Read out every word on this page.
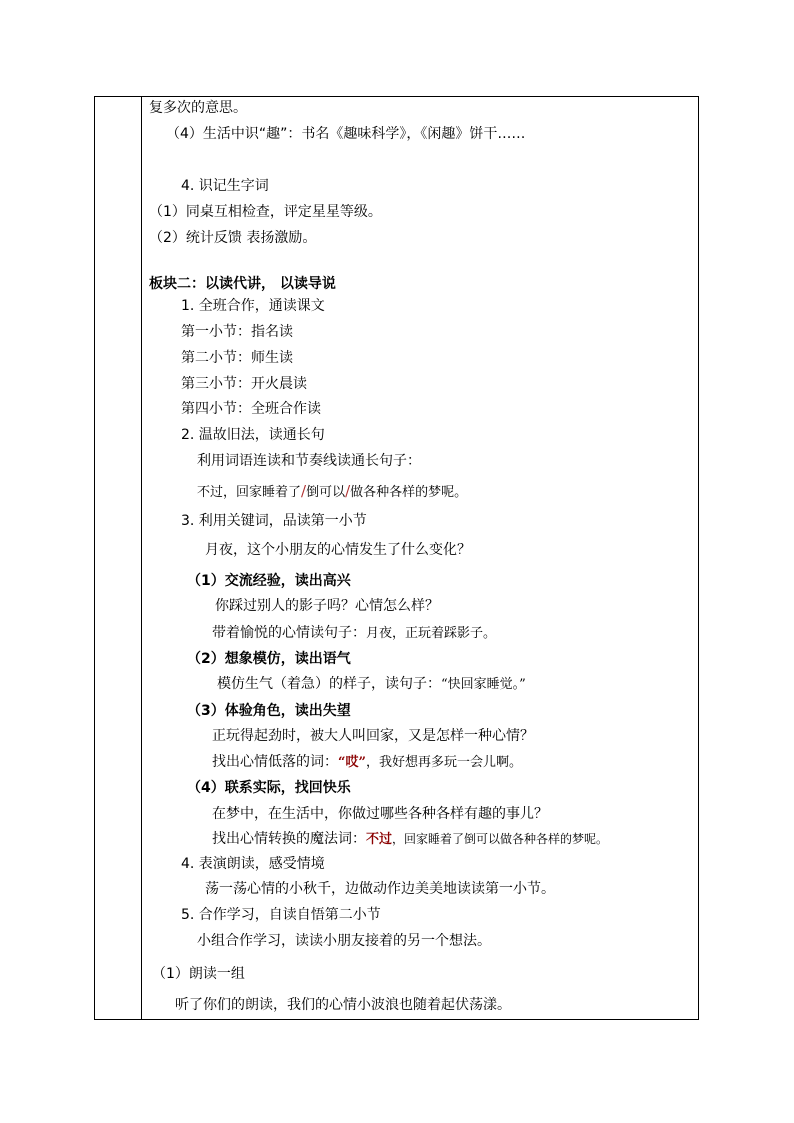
复多次的意思。
（4）生活中识“趣”：书名《趣味科学》，《闲趣》饼干……
4. 识记生字词
（1）同桌互相检查，评定星星等级。
（2）统计反馈 表扬激励。
板块二：以读代讲， 以读导说
1. 全班合作，通读课文
第一小节：指名读
第二小节：师生读
第三小节：开火晨读
第四小节：全班合作读
2. 温故旧法，读通长句
利用词语连读和节奏线读通长句子：
不过，回家睡着了/倒可以/做各种各样的梦呢。
3. 利用关键词，品读第一小节
月夜，这个小朋友的心情发生了什么变化？
（1）交流经验，读出高兴
你踩过别人的影子吗？心情怎么样？
带着愉悦的心情读句子：月夜，正玩着踩影子。
（2）想象模仿，读出语气
模仿生气（着急）的样子，读句子：“快回家睡觉。”
（3）体验角色，读出失望
正玩得起劲时，被大人叫回家，又是怎样一种心情？
找出心情低落的词：“哎”，我好想再多玩一会儿啊。
（4）联系实际，找回快乐
在梦中，在生活中，你做过哪些各种各样有趣的事儿？
找出心情转换的魔法词：不过，回家睡着了倒可以做各种各样的梦呢。
4. 表演朗读，感受情境
荡一荡心情的小秋千，边做动作边美美地读读第一小节。
5. 合作学习，自读自悟第二小节
小组合作学习，读读小朋友接着的另一个想法。
（1）朗读一组
听了你们的朗读，我们的心情小波浪也随着起伏荡漾。
